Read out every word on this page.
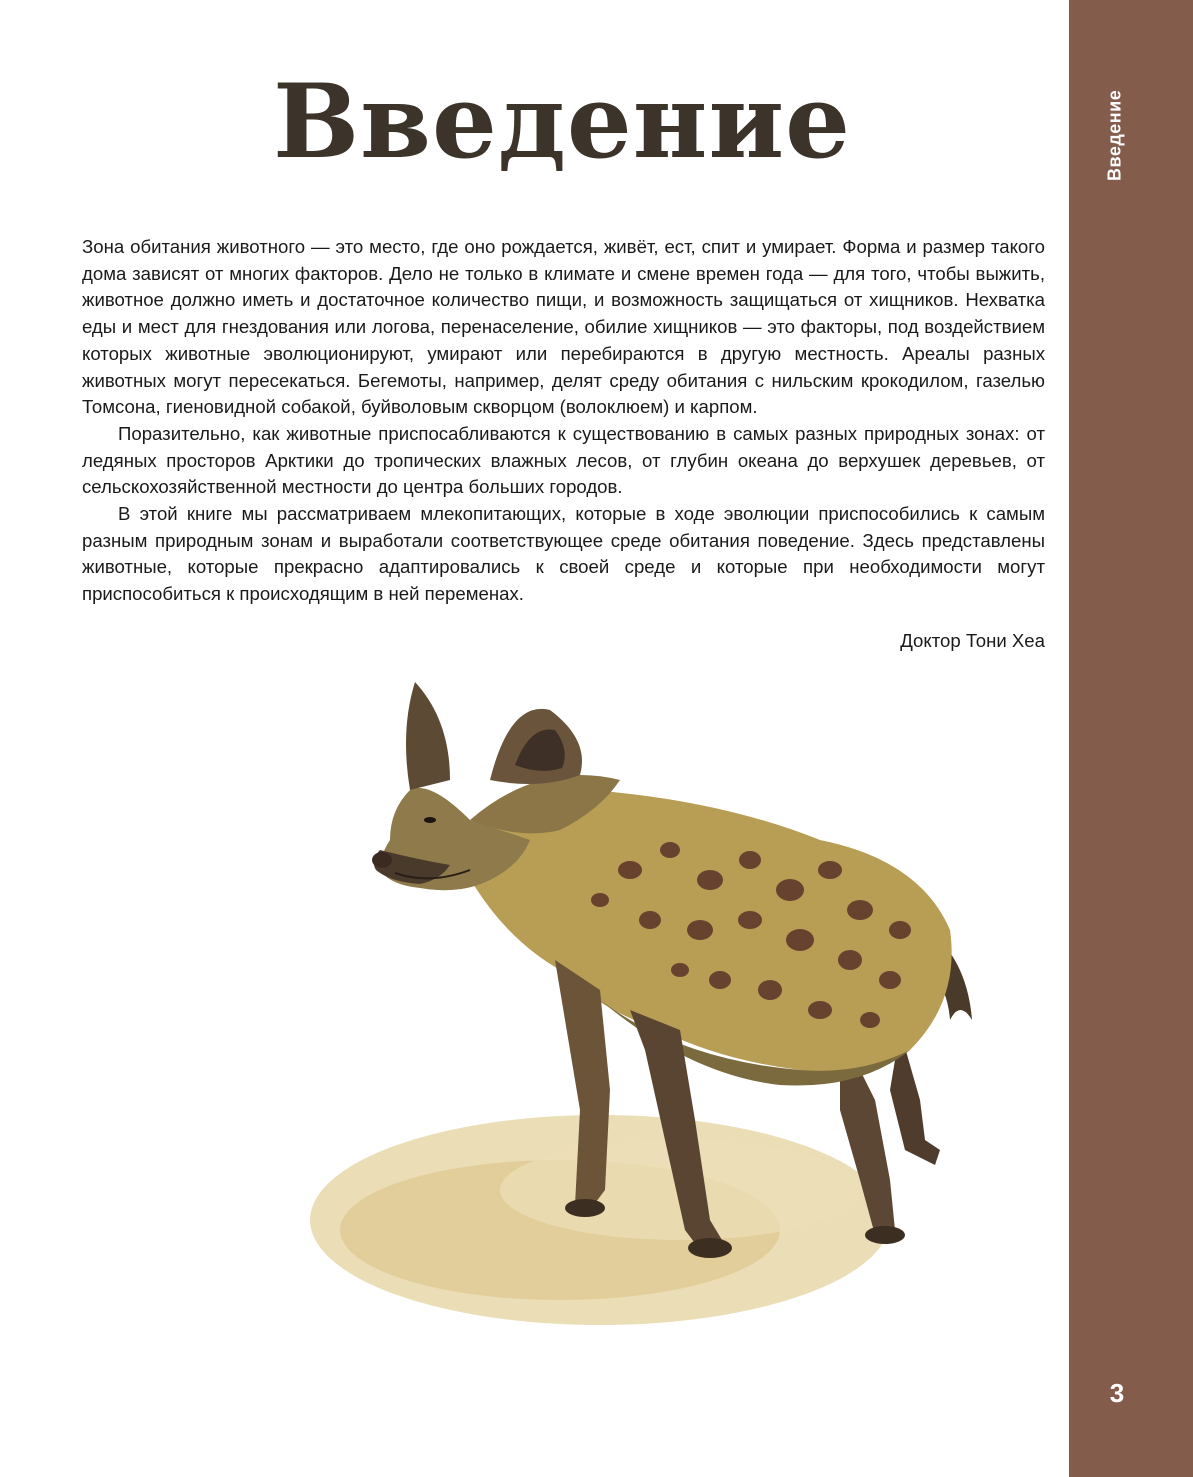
Введение
3
Введение

Зона обитания животного — это место, где оно рождается, живёт, ест, спит и умирает. Форма и размер такого дома зависят от многих факторов. Дело не только в климате и смене времен года — для того, чтобы выжить, животное должно иметь и достаточное количество пищи, и возможность защищаться от хищников. Нехватка еды и мест для гнездования или логова, перенаселение, обилие хищников — это факторы, под воздействием которых животные эволюционируют, умирают или перебираются в другую местность. Ареалы разных животных могут пересекаться. Бегемоты, например, делят среду обитания с нильским крокодилом, газелью Томсона, гиеновидной собакой, буйволовым скворцом (волоклюем) и карпом.

Поразительно, как животные приспосабливаются к существованию в самых разных природных зонах: от ледяных просторов Арктики до тропических влажных лесов, от глубин океана до верхушек деревьев, от сельскохозяйственной местности до центра больших городов.

В этой книге мы рассматриваем млекопитающих, которые в ходе эволюции приспособились к самым разным природным зонам и выработали соответствующее среде обитания поведение. Здесь представлены животные, которые прекрасно адаптировались к своей среде и которые при необходимости могут приспособиться к происходящим в ней переменах.

Доктор Тони Хеа
